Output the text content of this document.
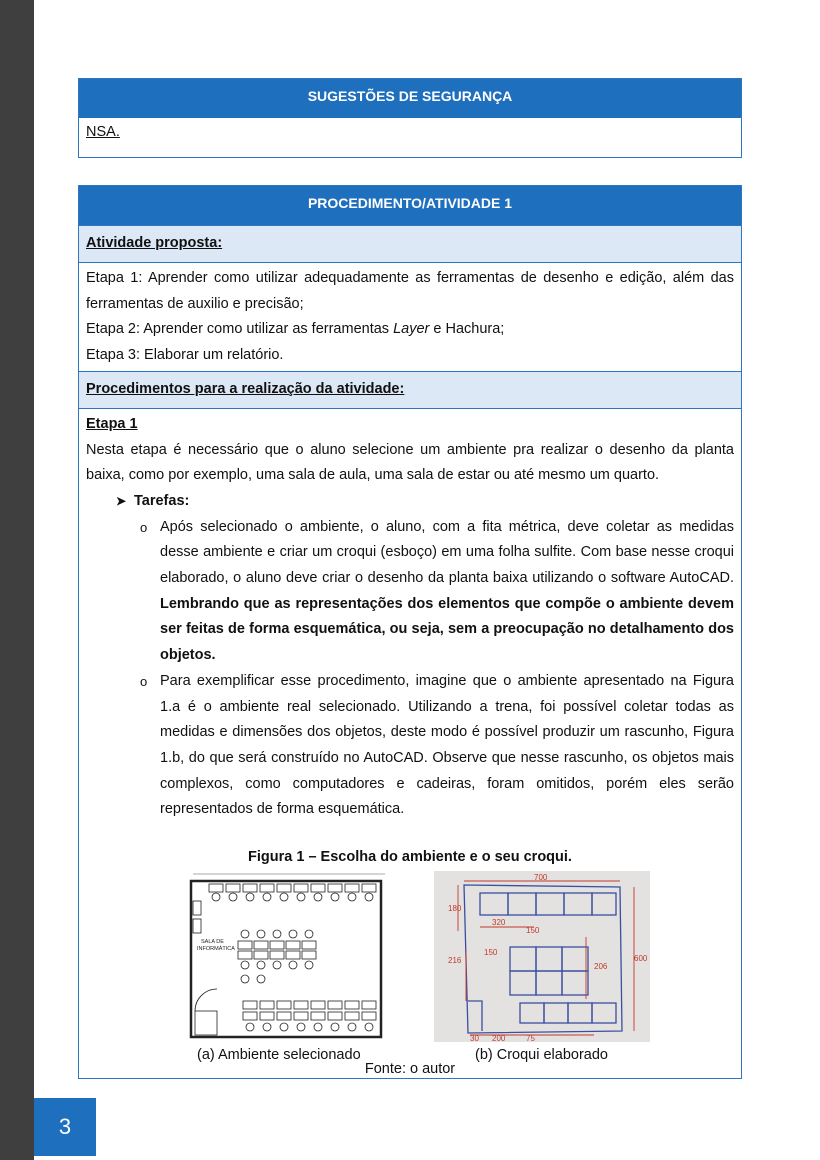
3
SUGESTÕES DE SEGURANÇA
NSA.
PROCEDIMENTO/ATIVIDADE 1
Atividade proposta:
Etapa 1: Aprender como utilizar adequadamente as ferramentas de desenho e edição, além das ferramentas de auxilio e precisão;
Etapa 2: Aprender como utilizar as ferramentas Layer e Hachura;
Etapa 3: Elaborar um relatório.
Procedimentos para a realização da atividade:
Etapa 1
Nesta etapa é necessário que o aluno selecione um ambiente pra realizar o desenho da planta baixa, como por exemplo, uma sala de aula, uma sala de estar ou até mesmo um quarto.
➤ Tarefas:
o Após selecionado o ambiente, o aluno, com a fita métrica, deve coletar as medidas desse ambiente e criar um croqui (esboço) em uma folha sulfite. Com base nesse croqui elaborado, o aluno deve criar o desenho da planta baixa utilizando o software AutoCAD. Lembrando que as representações dos elementos que compõe o ambiente devem ser feitas de forma esquemática, ou seja, sem a preocupação no detalhamento dos objetos.
o Para exemplificar esse procedimento, imagine que o ambiente apresentado na Figura 1.a é o ambiente real selecionado. Utilizando a trena, foi possível coletar todas as medidas e dimensões dos objetos, deste modo é possível produzir um rascunho, Figura 1.b, do que será construído no AutoCAD. Observe que nesse rascunho, os objetos mais complexos, como computadores e cadeiras, foram omitidos, porém eles serão representados de forma esquemática.
Figura 1 – Escolha do ambiente e o seu croqui.
SALA DE
INFORMÁTICA
700
180
320
150
216	600
150
206
30 200	75
(a) Ambiente selecionado	(b) Croqui elaborado
Fonte: o autor
